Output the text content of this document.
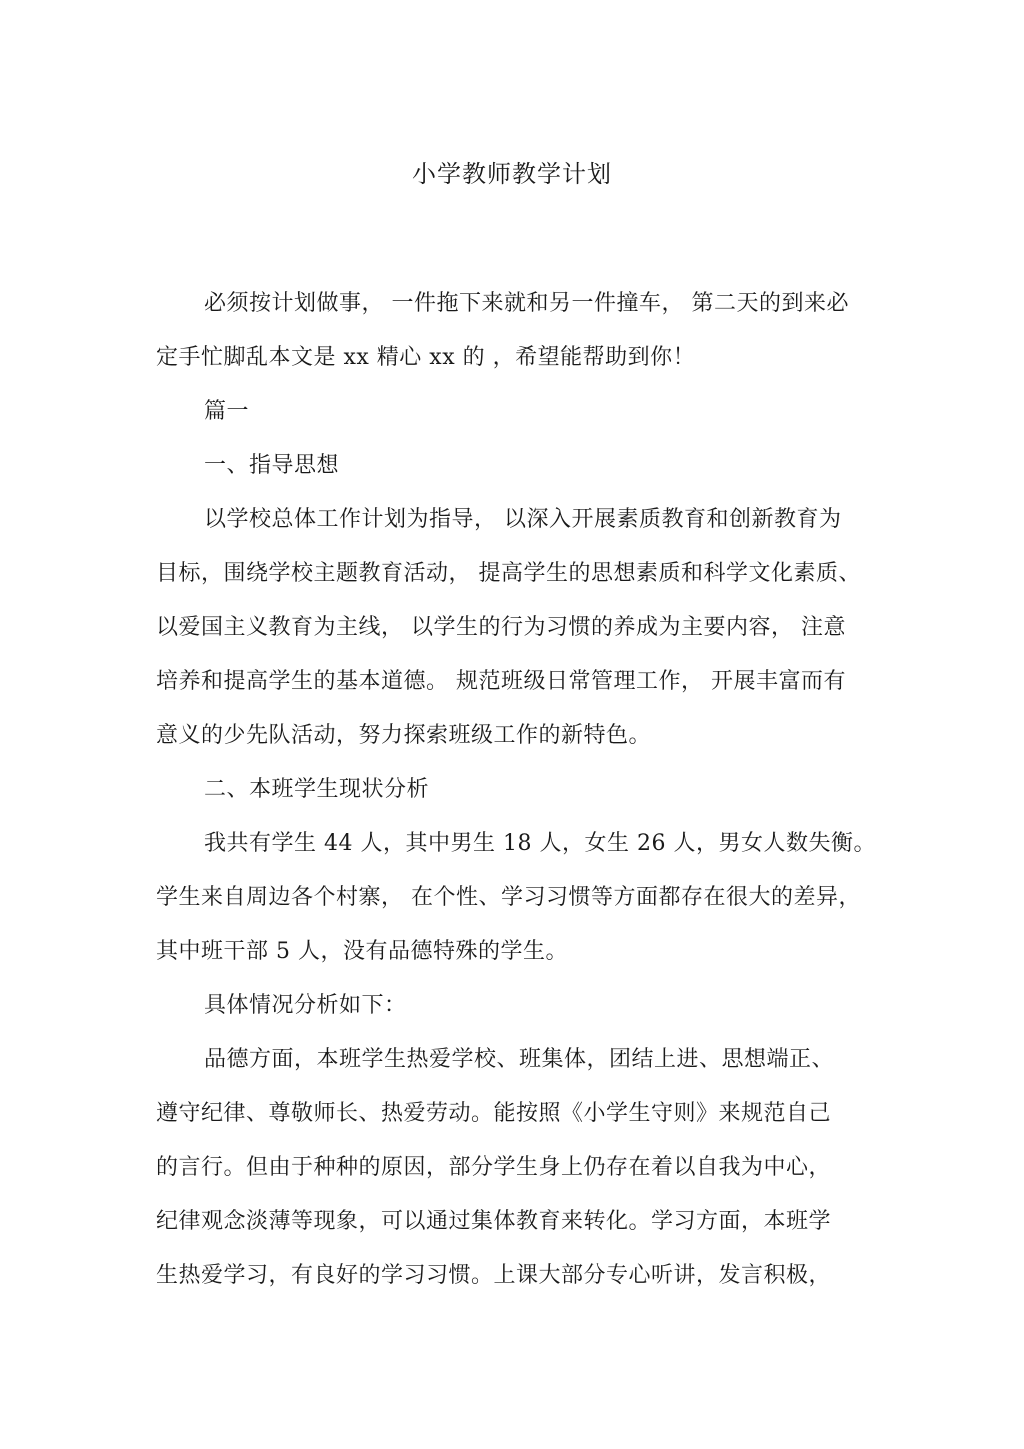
小学教师教学计划
必须按计划做事， 一件拖下来就和另一件撞车， 第二天的到来必
定手忙脚乱本文是 xx 精心 xx 的 ，希望能帮助到你！
篇一
一、指导思想
以学校总体工作计划为指导， 以深入开展素质教育和创新教育为
目标，围绕学校主题教育活动， 提高学生的思想素质和科学文化素质、
以爱国主义教育为主线， 以学生的行为习惯的养成为主要内容， 注意
培养和提高学生的基本道德。 规范班级日常管理工作， 开展丰富而有
意义的少先队活动，努力探索班级工作的新特色。
二、本班学生现状分析
我共有学生 44 人，其中男生 18 人，女生 26 人，男女人数失衡。
学生来自周边各个村寨， 在个性、学习习惯等方面都存在很大的差异，
其中班干部 5 人，没有品德特殊的学生。
具体情况分析如下：
品德方面，本班学生热爱学校、班集体，团结上进、思想端正、
遵守纪律、尊敬师长、热爱劳动。能按照《小学生守则》来规范自己
的言行。但由于种种的原因，部分学生身上仍存在着以自我为中心，
纪律观念淡薄等现象，可以通过集体教育来转化。学习方面，本班学
生热爱学习，有良好的学习习惯。上课大部分专心听讲，发言积极，
